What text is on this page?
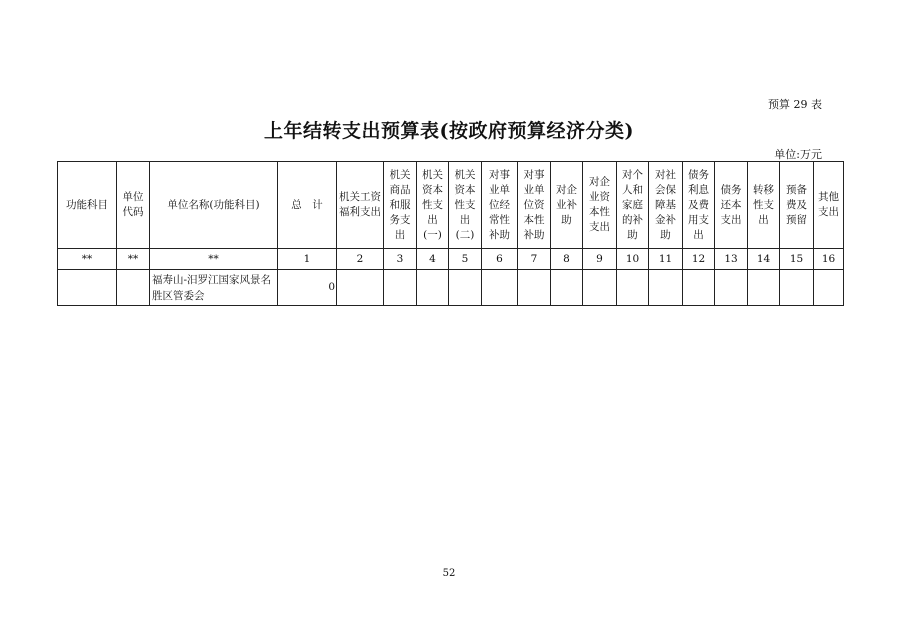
预算 29 表
上年结转支出预算表(按政府预算经济分类)
单位:万元
功能科目	单位代码	单位名称(功能科目)	总　计	机关工资福利支出	机关商品和服务支出	机关资本性支出(一)	机关资本性支出(二)	对事业单位经常性补助	对事业单位资本性补助	对企业补助	对企业资本性支出	对个人和家庭的补助	对社会保障基金补助	债务利息及费用支出	债务还本支出	转移性支出	预备费及预留	其他支出
**	**	**	1	2	3	4	5	6	7	8	9	10	11	12	13	14	15	16
		福寿山-汨罗江国家风景名胜区管委会	0															
52
